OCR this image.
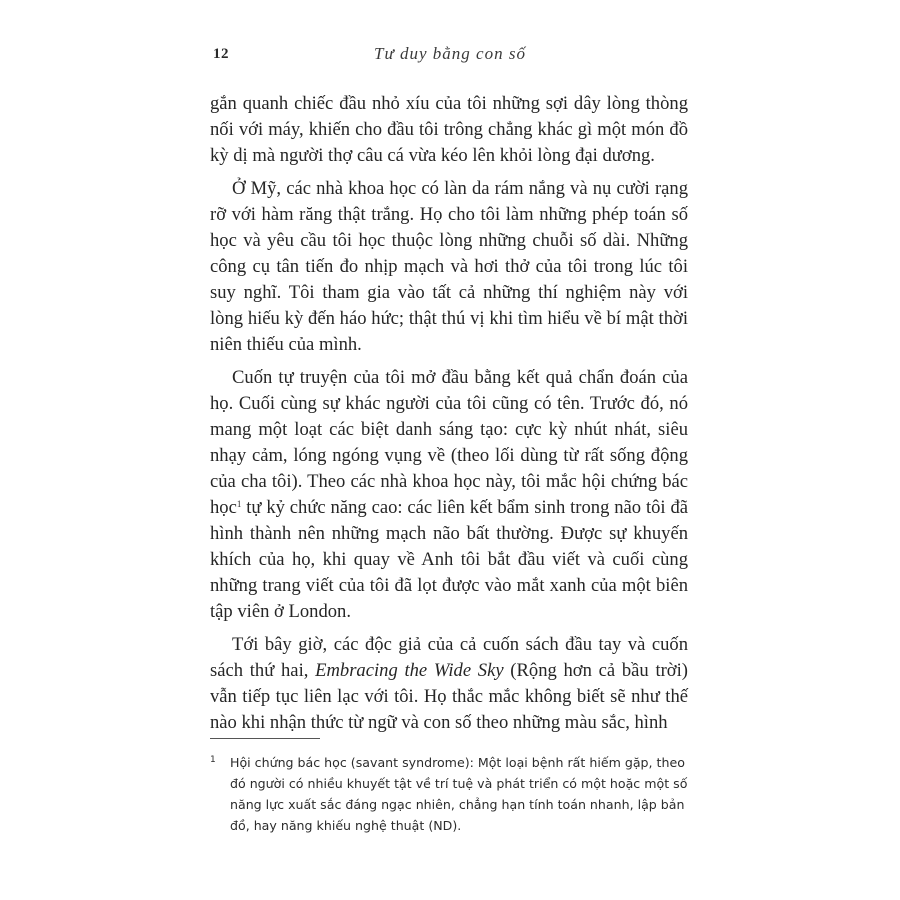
12	Tư duy bằng con số

gắn quanh chiếc đầu nhỏ xíu của tôi những sợi dây lòng thòng nối với máy, khiến cho đầu tôi trông chẳng khác gì một món đồ kỳ dị mà người thợ câu cá vừa kéo lên khỏi lòng đại dương.

Ở Mỹ, các nhà khoa học có làn da rám nắng và nụ cười rạng rỡ với hàm răng thật trắng. Họ cho tôi làm những phép toán số học và yêu cầu tôi học thuộc lòng những chuỗi số dài. Những công cụ tân tiến đo nhịp mạch và hơi thở của tôi trong lúc tôi suy nghĩ. Tôi tham gia vào tất cả những thí nghiệm này với lòng hiếu kỳ đến háo hức; thật thú vị khi tìm hiểu về bí mật thời niên thiếu của mình.

Cuốn tự truyện của tôi mở đầu bằng kết quả chẩn đoán của họ. Cuối cùng sự khác người của tôi cũng có tên. Trước đó, nó mang một loạt các biệt danh sáng tạo: cực kỳ nhút nhát, siêu nhạy cảm, lóng ngóng vụng về (theo lối dùng từ rất sống động của cha tôi). Theo các nhà khoa học này, tôi mắc hội chứng bác học$^1$ tự kỷ chức năng cao: các liên kết bẩm sinh trong não tôi đã hình thành nên những mạch não bất thường. Được sự khuyến khích của họ, khi quay về Anh tôi bắt đầu viết và cuối cùng những trang viết của tôi đã lọt được vào mắt xanh của một biên tập viên ở London.

Tới bây giờ, các độc giả của cả cuốn sách đầu tay và cuốn sách thứ hai, Embracing the Wide Sky (Rộng hơn cả bầu trời) vẫn tiếp tục liên lạc với tôi. Họ thắc mắc không biết sẽ như thế nào khi nhận thức từ ngữ và con số theo những màu sắc, hình

1 Hội chứng bác học (savant syndrome): Một loại bệnh rất hiếm gặp, theo đó người có nhiều khuyết tật về trí tuệ và phát triển có một hoặc một số năng lực xuất sắc đáng ngạc nhiên, chẳng hạn tính toán nhanh, lập bản đồ, hay năng khiếu nghệ thuật (ND).
